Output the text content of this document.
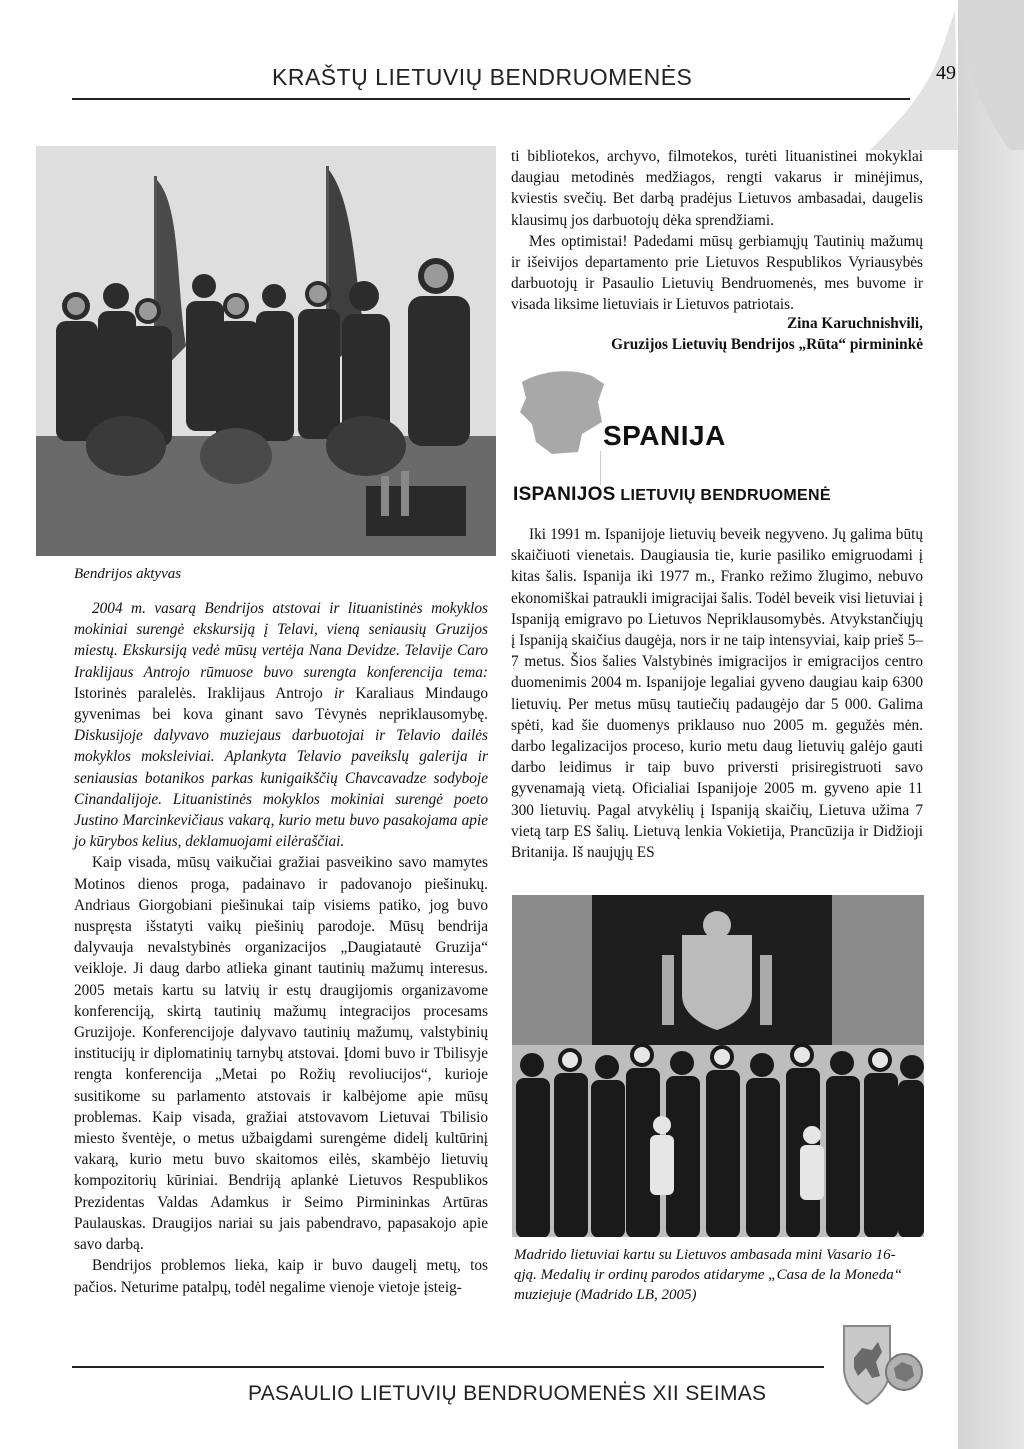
KRAŠTŲ LIETUVIŲ BENDRUOMENĖS	49
Bendrijos aktyvas

2004 m. vasarą Bendrijos atstovai ir lituanistinės mokyklos mokiniai surengė ekskursiją į Telavi, vieną seniausių Gruzijos miestų. Ekskursiją vedė mūsų vertėja Nana Devidze. Telavije Caro Iraklijaus Antrojo rūmuose buvo surengta konferencija tema: Istorinės paralelės. Iraklijaus Antrojo ir Karaliaus Mindaugo gyvenimas bei kova ginant savo Tėvynės nepriklausomybę. Diskusijoje dalyvavo muziejaus darbuotojai ir Telavio dailės mokyklos moksleiviai. Aplankyta Telavio paveikslų galerija ir seniausias botanikos parkas kunigaikščių Chavcavadze sodyboje Cinandalijoje. Lituanistinės mokyklos mokiniai surengė poeto Justino Marcinkevičiaus vakarą, kurio metu buvo pasakojama apie jo kūrybos kelius, deklamuojami eilėraščiai.

Kaip visada, mūsų vaikučiai gražiai pasveikino savo mamytes Motinos dienos proga, padainavo ir padovanojo piešinukų. Andriaus Giorgobiani piešinukai taip visiems patiko, jog buvo nuspręsta išstatyti vaikų piešinių parodoje. Mūsų bendrija dalyvauja nevalstybinės organizacijos „Daugiatautė Gruzija“ veikloje. Ji daug darbo atlieka ginant tautinių mažumų interesus. 2005 metais kartu su latvių ir estų draugijomis organizavome konferenciją, skirtą tautinių mažumų integracijos procesams Gruzijoje. Konferencijoje dalyvavo tautinių mažumų, valstybinių institucijų ir diplomatinių tarnybų atstovai. Įdomi buvo ir Tbilisyje rengta konferencija „Metai po Rožių revoliucijos“, kurioje susitikome su parlamento atstovais ir kalbėjome apie mūsų problemas. Kaip visada, gražiai atstovavom Lietuvai Tbilisio miesto šventėje, o metus užbaigdami surengėme didelį kultūrinį vakarą, kurio metu buvo skaitomos eilės, skambėjo lietuvių kompozitorių kūriniai. Bendriją aplankė Lietuvos Respublikos Prezidentas Valdas Adamkus ir Seimo Pirmininkas Artūras Paulauskas. Draugijos nariai su jais pabendravo, papasakojo apie savo darbą.

Bendrijos problemos lieka, kaip ir buvo daugelį metų, tos pačios. Neturime patalpų, todėl negalime vienoje vietoje įsteig-

ti bibliotekos, archyvo, filmotekos, turėti lituanistinei mokyklai daugiau metodinės medžiagos, rengti vakarus ir minėjimus, kviestis svečių. Bet darbą pradėjus Lietuvos ambasadai, daugelis klausimų jos darbuotojų dėka sprendžiami.

Mes optimistai! Padedami mūsų gerbiamųjų Tautinių mažumų ir išeivijos departamento prie Lietuvos Respublikos Vyriausybės darbuotojų ir Pasaulio Lietuvių Bendruomenės, mes buvome ir visada liksime lietuviais ir Lietuvos patriotais.

Zina Karuchnishvili,
Gruzijos Lietuvių Bendrijos „Rūta“ pirmininkė
SPANIJA
ISPANIJOS LIETUVIŲ BENDRUOMENĖ

Iki 1991 m. Ispanijoje lietuvių beveik negyveno. Jų galima būtų skaičiuoti vienetais. Daugiausia tie, kurie pasiliko emigruodami į kitas šalis. Ispanija iki 1977 m., Franko režimo žlugimo, nebuvo ekonomiškai patraukli imigracijai šalis. Todėl beveik visi lietuviai į Ispaniją emigravo po Lietuvos Nepriklausomybės. Atvykstančiųjų į Ispaniją skaičius daugėja, nors ir ne taip intensyviai, kaip prieš 5–7 metus. Šios šalies Valstybinės imigracijos ir emigracijos centro duomenimis 2004 m. Ispanijoje legaliai gyveno daugiau kaip 6300 lietuvių. Per metus mūsų tautiečių padaugėjo dar 5 000. Galima spėti, kad šie duomenys priklauso nuo 2005 m. gegužės mėn. darbo legalizacijos proceso, kurio metu daug lietuvių galėjo gauti darbo leidimus ir taip buvo priversti prisiregistruoti savo gyvenamają vietą. Oficialiai Ispanijoje 2005 m. gyveno apie 11 300 lietuvių. Pagal atvykėlių į Ispaniją skaičių, Lietuva užima 7 vietą tarp ES šalių. Lietuvą lenkia Vokietija, Prancūzija ir Didžioji Britanija. Iš naujųjų ES

Madrido lietuviai kartu su Lietuvos ambasada mini Vasario 16-ąją. Medalių ir ordinų parodos atidaryme „Casa de la Moneda“ muziejuje (Madrido LB, 2005)
PASAULIO LIETUVIŲ BENDRUOMENĖS XII SEIMAS
